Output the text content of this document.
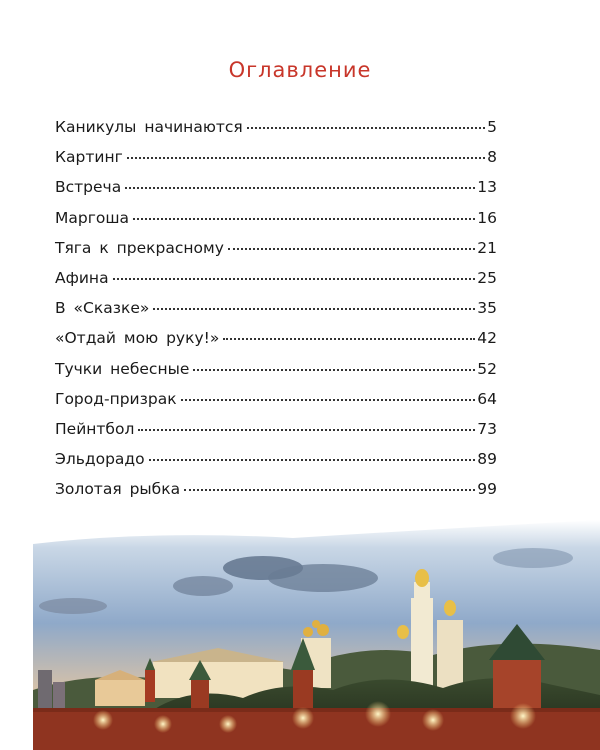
Оглавление
Каникулы начинаются	5
Картинг	8
Встреча	13
Маргоша	16
Тяга к прекрасному	21
Афина	25
В «Сказке»	35
«Отдай мою руку!»	42
Тучки небесные	52
Город-призрак	64
Пейнтбол	73
Эльдорадо	89
Золотая рыбка	99
